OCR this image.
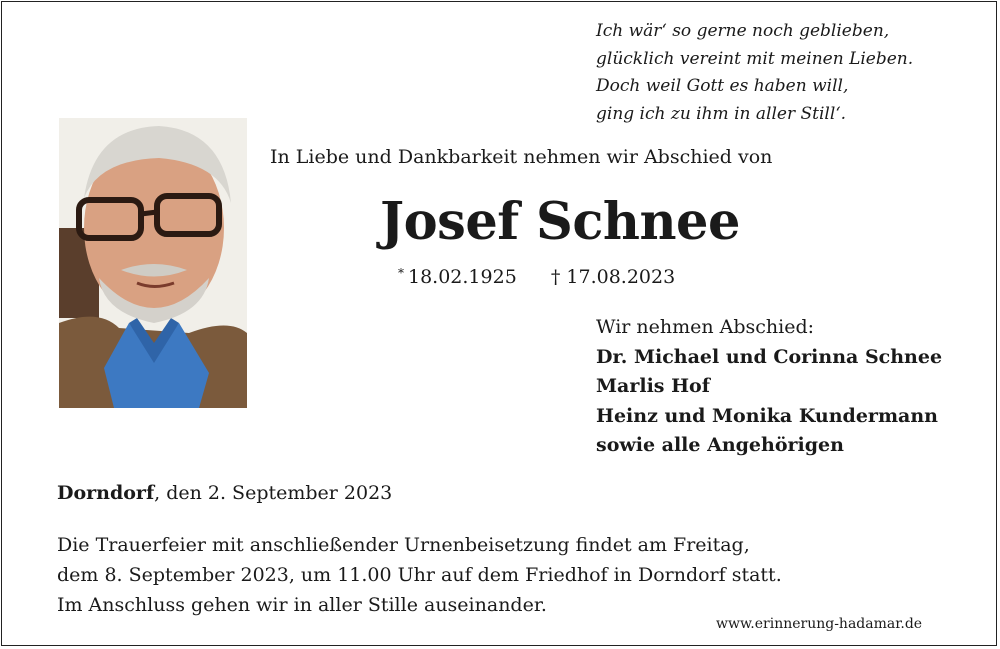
Ich wär‘ so gerne noch geblieben,
glücklich vereint mit meinen Lieben.
Doch weil Gott es haben will,
ging ich zu ihm in aller Still‘.
In Liebe und Dankbarkeit nehmen wir Abschied von
Josef Schnee
* 18.02.1925 † 17.08.2023
Wir nehmen Abschied:
Dr. Michael und Corinna Schnee
Marlis Hof
Heinz und Monika Kundermann
sowie alle Angehörigen
Dorndorf, den 2. September 2023
Die Trauerfeier mit anschließender Urnenbeisetzung findet am Freitag,
dem 8. September 2023, um 11.00 Uhr auf dem Friedhof in Dorndorf statt.
Im Anschluss gehen wir in aller Stille auseinander.
www.erinnerung-hadamar.de
